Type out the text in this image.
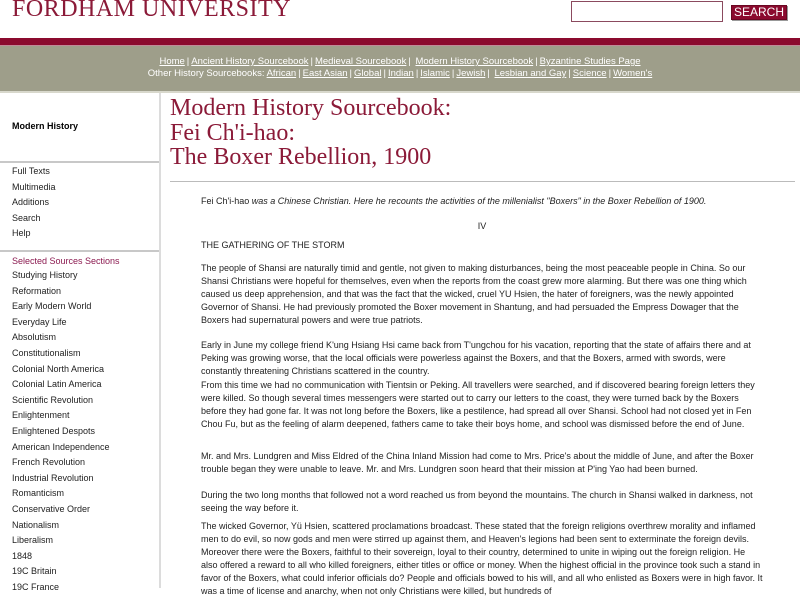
FORDHAM UNIVERSITY	SEARCH
Home | Ancient History Sourcebook | Medieval Sourcebook | Modern History Sourcebook | Byzantine Studies Page
Other History Sourcebooks: African | East Asian | Global | Indian | Islamic | Jewish | Lesbian and Gay | Science | Women's
Modern History
Full Texts
Multimedia
Additions
Search
Help
Selected Sources Sections
Studying History
Reformation
Early Modern World
Everyday Life
Absolutism
Constitutionalism
Colonial North America
Colonial Latin America
Scientific Revolution
Enlightenment
Enlightened Despots
American Independence
French Revolution
Industrial Revolution
Romanticism
Conservative Order
Nationalism
Liberalism
1848
19C Britain
19C France
Modern History Sourcebook:
Fei Ch'i-hao:
The Boxer Rebellion, 1900
Fei Ch'i-hao was a Chinese Christian. Here he recounts the activities of the millenialist "Boxers" in the Boxer Rebellion of 1900.
IV
THE GATHERING OF THE STORM

The people of Shansi are naturally timid and gentle, not given to making disturbances, being the most peaceable people in China. So our Shansi Christians were hopeful for themselves, even when the reports from the coast grew more alarming. But there was one thing which caused us deep apprehension, and that was the fact that the wicked, cruel YU Hsien, the hater of foreigners, was the newly appointed Governor of Shansi. He had previously promoted the Boxer movement in Shantung, and had persuaded the Empress Dowager that the Boxers had supernatural powers and were true patriots.

Early in June my college friend K'ung Hsiang Hsi came back from T'ungchou for his vacation, reporting that the state of affairs there and at Peking was growing worse, that the local officials were powerless against the Boxers, and that the Boxers, armed with swords, were constantly threatening Christians scattered in the country.

From this time we had no communication with Tientsin or Peking. All travellers were searched, and if discovered bearing foreign letters they were killed. So though several times messengers were started out to carry our letters to the coast, they were turned back by the Boxers before they had gone far. It was not long before the Boxers, like a pestilence, had spread all over Shansi. School had not closed yet in Fen Chou Fu, but as the feeling of alarm deepened, fathers came to take their boys home, and school was dismissed before the end of June.

Mr. and Mrs. Lundgren and Miss Eldred of the China Inland Mission had come to Mrs. Price's about the middle of June, and after the Boxer trouble began they were unable to leave. Mr. and Mrs. Lundgren soon heard that their mission at P'ing Yao had been burned.

During the two long months that followed not a word reached us from beyond the mountains. The church in Shansi walked in darkness, not seeing the way before it.

The wicked Governor, Yü Hsien, scattered proclamations broadcast. These stated that the foreign religions overthrew morality and inflamed men to do evil, so now gods and men were stirred up against them, and Heaven's legions had been sent to exterminate the foreign devils. Moreover there were the Boxers, faithful to their sovereign, loyal to their country, determined to unite in wiping out the foreign religion. He also offered a reward to all who killed foreigners, either titles or office or money. When the highest official in the province took such a stand in favor of the Boxers, what could inferior officials do? People and officials bowed to his will, and all who enlisted as Boxers were in high favor. It was a time of license and anarchy, when not only Christians were killed, but hundreds of
